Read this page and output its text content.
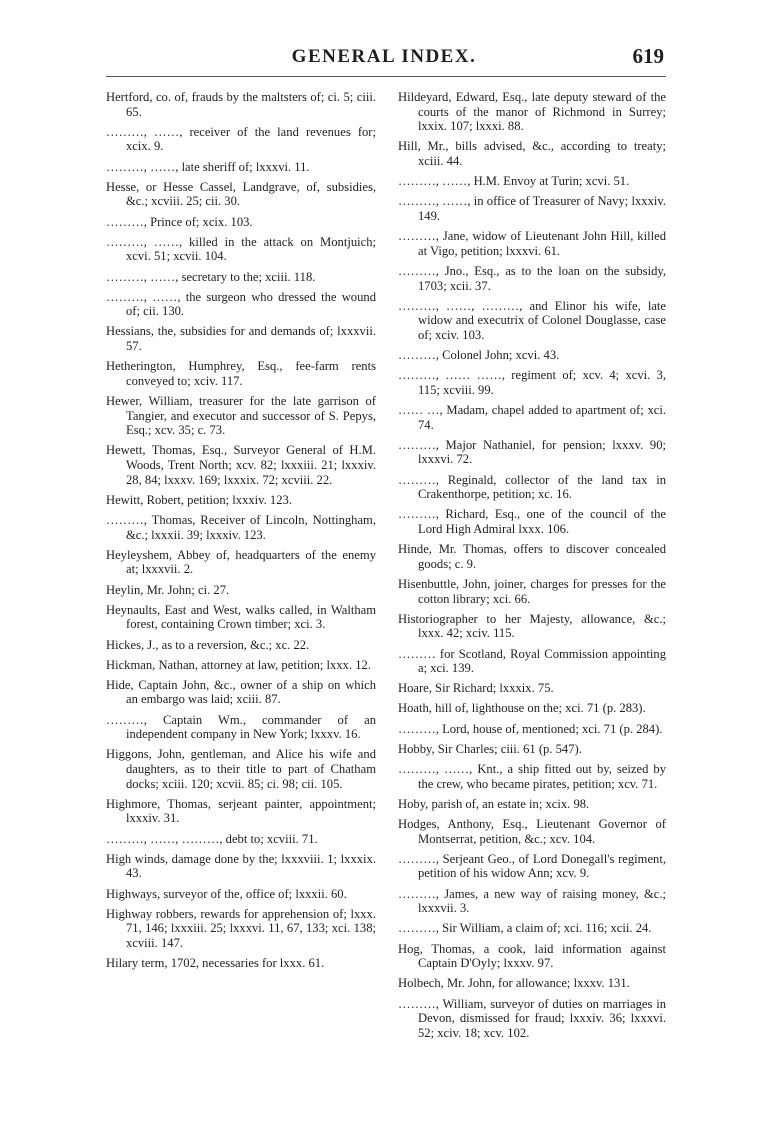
GENERAL INDEX.	619

Hertford, co. of, frauds by the maltsters of; ci. 5; ciii. 65.

………, ……, receiver of the land revenues for; xcix. 9.

………, ……, late sheriff of; lxxxvi. 11.

Hesse, or Hesse Cassel, Landgrave, of, subsidies, &c.; xcviii. 25; cii. 30.

………, Prince of; xcix. 103.

………, ……, killed in the attack on Montjuich; xcvi. 51; xcvii. 104.

………, ……, secretary to the; xciii. 118.

………, ……, the surgeon who dressed the wound of; cii. 130.

Hessians, the, subsidies for and demands of; lxxxvii. 57.

Hetherington, Humphrey, Esq., fee-farm rents conveyed to; xciv. 117.

Hewer, William, treasurer for the late garrison of Tangier, and executor and successor of S. Pepys, Esq.; xcv. 35; c. 73.

Hewett, Thomas, Esq., Surveyor General of H.M. Woods, Trent North; xcv. 82; lxxxiii. 21; lxxxiv. 28, 84; lxxxv. 169; lxxxix. 72; xcviii. 22.

Hewitt, Robert, petition; lxxxiv. 123.

………, Thomas, Receiver of Lincoln, Nottingham, &c.; lxxxii. 39; lxxxiv. 123.

Heyleyshem, Abbey of, headquarters of the enemy at; lxxxvii. 2.

Heylin, Mr. John; ci. 27.

Heynaults, East and West, walks called, in Waltham forest, containing Crown timber; xci. 3.

Hickes, J., as to a reversion, &c.; xc. 22.

Hickman, Nathan, attorney at law, petition; lxxx. 12.

Hide, Captain John, &c., owner of a ship on which an embargo was laid; xciii. 87.

………, Captain Wm., commander of an independent company in New York; lxxxv. 16.

Higgons, John, gentleman, and Alice his wife and daughters, as to their title to part of Chatham docks; xciii. 120; xcvii. 85; ci. 98; cii. 105.

Highmore, Thomas, serjeant painter, appointment; lxxxiv. 31.

………, ……, ………, debt to; xcviii. 71.

High winds, damage done by the; lxxxviii. 1; lxxxix. 43.

Highways, surveyor of the, office of; lxxxii. 60.

Highway robbers, rewards for apprehension of; lxxx. 71, 146; lxxxiii. 25; lxxxvi. 11, 67, 133; xci. 138; xcviii. 147.

Hilary term, 1702, necessaries for lxxx. 61.

Hildeyard, Edward, Esq., late deputy steward of the courts of the manor of Richmond in Surrey; lxxix. 107; lxxxi. 88.

Hill, Mr., bills advised, &c., according to treaty; xciii. 44.

………, ……, H.M. Envoy at Turin; xcvi. 51.

………, ……, in office of Treasurer of Navy; lxxxiv. 149.

………, Jane, widow of Lieutenant John Hill, killed at Vigo, petition; lxxxvi. 61.

………, Jno., Esq., as to the loan on the subsidy, 1703; xcii. 37.

………, ……, ………, and Elinor his wife, late widow and executrix of Colonel Douglasse, case of; xciv. 103.

………, Colonel John; xcvi. 43.

………, …… ……, regiment of; xcv. 4; xcvi. 3, 115; xcviii. 99.

…… …, Madam, chapel added to apartment of; xci. 74.

………, Major Nathaniel, for pension; lxxxv. 90; lxxxvi. 72.

………, Reginald, collector of the land tax in Crakenthorpe, petition; xc. 16.

………, Richard, Esq., one of the council of the Lord High Admiral lxxx. 106.

Hinde, Mr. Thomas, offers to discover concealed goods; c. 9.

Hisenbuttle, John, joiner, charges for presses for the cotton library; xci. 66.

Historiographer to her Majesty, allowance, &c.; lxxx. 42; xciv. 115.

……… for Scotland, Royal Commission appointing a; xci. 139.

Hoare, Sir Richard; lxxxix. 75.

Hoath, hill of, lighthouse on the; xci. 71 (p. 283).

………, Lord, house of, mentioned; xci. 71 (p. 284).

Hobby, Sir Charles; ciii. 61 (p. 547).

………, ……, Knt., a ship fitted out by, seized by the crew, who became pirates, petition; xcv. 71.

Hoby, parish of, an estate in; xcix. 98.

Hodges, Anthony, Esq., Lieutenant Governor of Montserrat, petition, &c.; xcv. 104.

………, Serjeant Geo., of Lord Donegall's regiment, petition of his widow Ann; xcv. 9.

………, James, a new way of raising money, &c.; lxxxvii. 3.

………, Sir William, a claim of; xci. 116; xcii. 24.

Hog, Thomas, a cook, laid information against Captain D'Oyly; lxxxv. 97.

Holbech, Mr. John, for allowance; lxxxv. 131.

………, William, surveyor of duties on marriages in Devon, dismissed for fraud; lxxxiv. 36; lxxxvi. 52; xciv. 18; xcv. 102.
